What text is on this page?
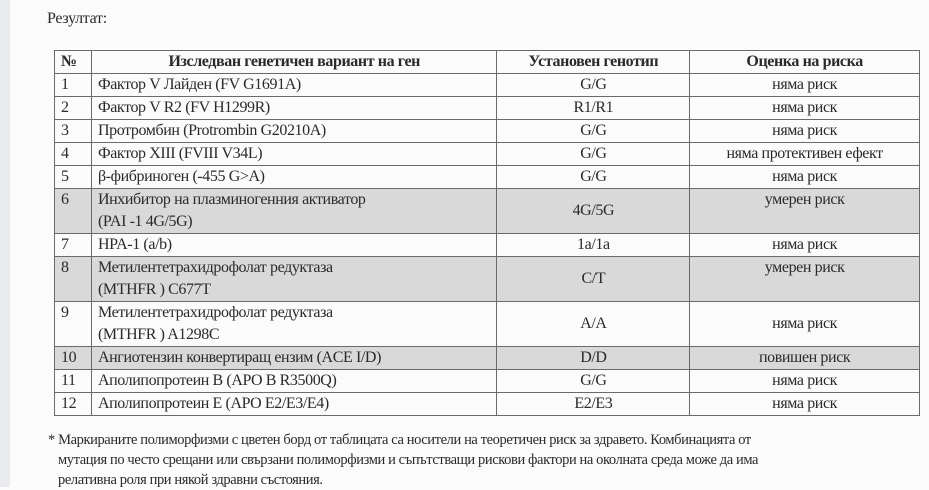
Резултат:
№	Изследван генетичен вариант на ген	Установен генотип	Оценка на риска
1	Фактор V Лайден (FV G1691A)	G/G	няма риск
2	Фактор V R2 (FV H1299R)	R1/R1	няма риск
3	Протромбин (Protrombin G20210A)	G/G	няма риск
4	Фактор XIII (FVIII V34L)	G/G	няма протективен ефект
5	β-фибриноген (-455 G>A)	G/G	няма риск
6	Инхибитор на плазминогенния активатор
(PAI -1 4G/5G)	4G/5G	умерен риск
7	HPA-1 (a/b)	1a/1a	няма риск
8	Метилентетрахидрофолат редуктаза
(MTHFR ) C677T	C/T	умерен риск
9	Метилентетрахидрофолат редуктаза
(MTHFR ) A1298C	A/A	няма риск
10	Ангиотензин конвертиращ ензим (ACE I/D)	D/D	повишен риск
11	Аполипопротеин B (APO B R3500Q)	G/G	няма риск
12	Аполипопротеин E (APO E2/E3/E4)	E2/E3	няма риск
* Маркираните полиморфизми с цветен борд от таблицата са носители на теоретичен риск за здравето. Комбинацията от
мутация по често срещани или свързани полиморфизми и съпътстващи рискови фактори на околната среда може да има
релативна роля при някой здравни състояния.
